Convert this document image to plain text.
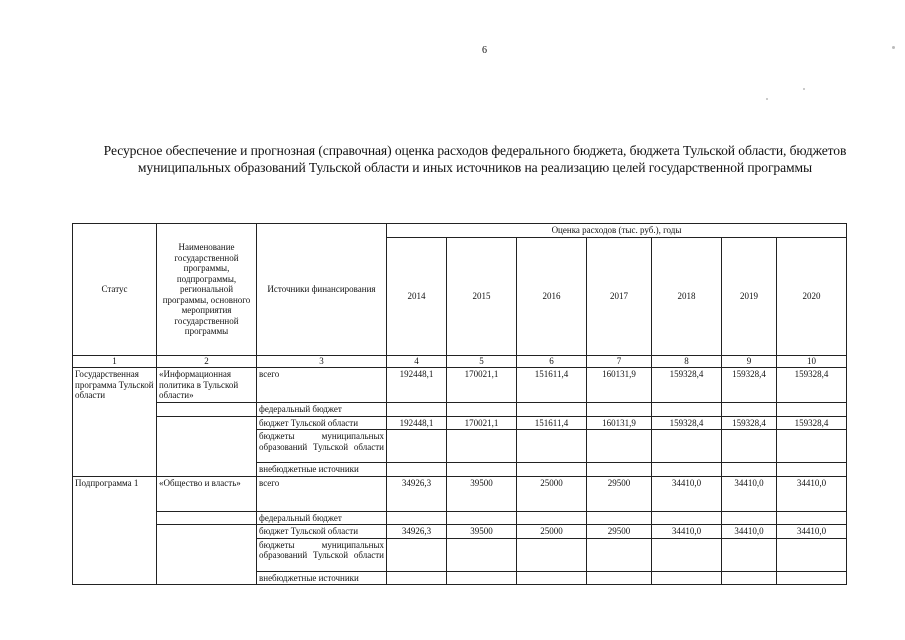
6
Ресурсное обеспечение и прогнозная (справочная) оценка расходов федерального бюджета, бюджета Тульской области, бюджетов муниципальных образований Тульской области и иных источников на реализацию целей государственной программы
Статус	Наименование государственной программы, подпрограммы, региональной программы, основного мероприятия государственной программы	Источники финансирования	Оценка расходов (тыс. руб.), годы						
			2014	2015	2016	2017	2018	2019	2020
1	2	3	4	5	6	7	8	9	10
Государственная программа Тульской области	«Информационная политика в Тульской области»	всего	192448,1	170021,1	151611,4	160131,9	159328,4	159328,4	159328,4
		федеральный бюджет							
		бюджет Тульской области	192448,1	170021,1	151611,4	160131,9	159328,4	159328,4	159328,4
		бюджеты муниципальных образований Тульской области							
		внебюджетные источники							
Подпрограмма 1	«Общество и власть»	всего	34926,3	39500	25000	29500	34410,0	34410,0	34410,0
		федеральный бюджет							
		бюджет Тульской области	34926,3	39500	25000	29500	34410,0	34410,0	34410,0
		бюджеты муниципальных образований Тульской области							
		внебюджетные источники							
